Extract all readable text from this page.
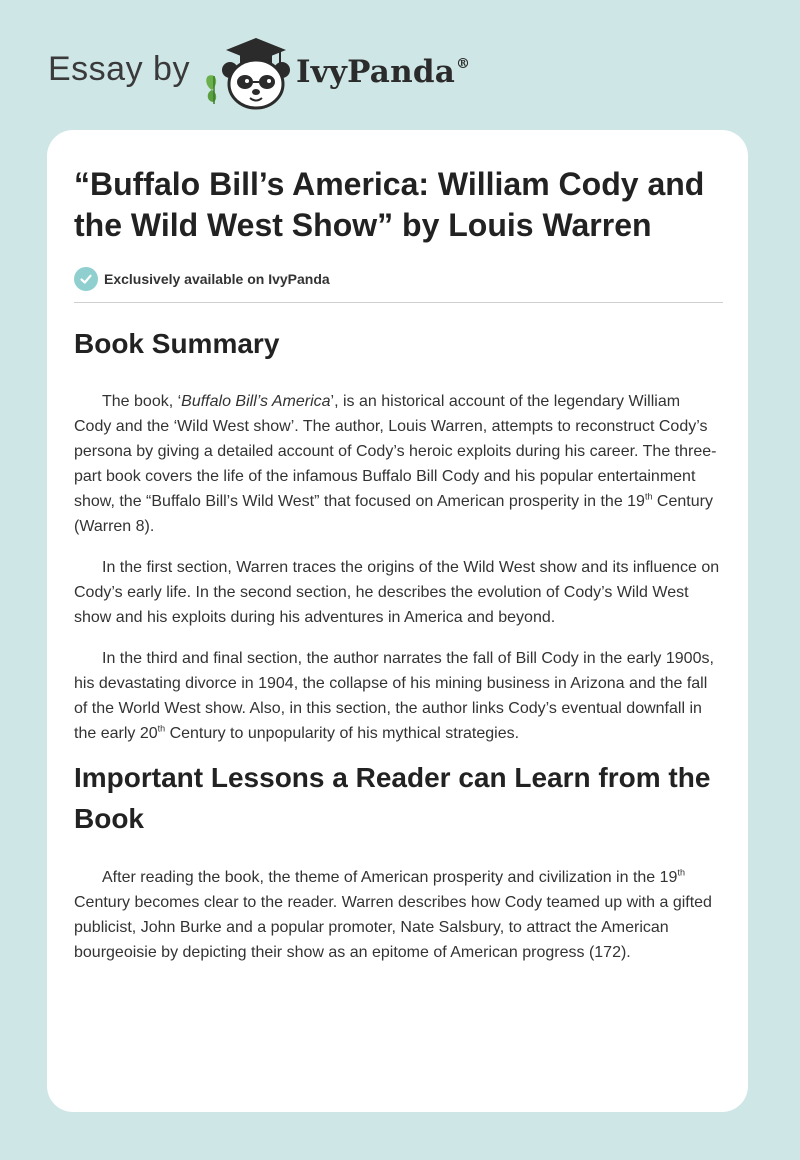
Essay by	IvyPanda®
“Buffalo Bill’s America: William Cody and the Wild West Show” by Louis Warren
Exclusively available on IvyPanda
Book Summary

The book, ‘Buffalo Bill’s America’, is an historical account of the legendary William Cody and the ‘Wild West show’. The author, Louis Warren, attempts to reconstruct Cody’s persona by giving a detailed account of Cody’s heroic exploits during his career. The three-part book covers the life of the infamous Buffalo Bill Cody and his popular entertainment show, the “Buffalo Bill’s Wild West” that focused on American prosperity in the 19th Century (Warren 8).

In the first section, Warren traces the origins of the Wild West show and its influence on Cody’s early life. In the second section, he describes the evolution of Cody’s Wild West show and his exploits during his adventures in America and beyond.

In the third and final section, the author narrates the fall of Bill Cody in the early 1900s, his devastating divorce in 1904, the collapse of his mining business in Arizona and the fall of the World West show. Also, in this section, the author links Cody’s eventual downfall in the early 20th Century to unpopularity of his mythical strategies.

Important Lessons a Reader can Learn from the Book

After reading the book, the theme of American prosperity and civilization in the 19th Century becomes clear to the reader. Warren describes how Cody teamed up with a gifted publicist, John Burke and a popular promoter, Nate Salsbury, to attract the American bourgeoisie by depicting their show as an epitome of American progress (172).
